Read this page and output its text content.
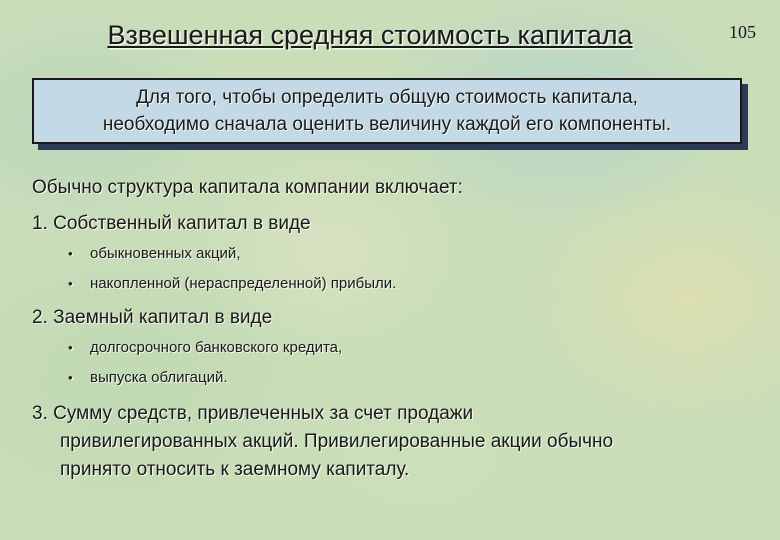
Взвешенная средняя стоимость капитала	105
Для того, чтобы определить общую стоимость капитала,
необходимо сначала оценить величину каждой его компоненты.

Обычно структура капитала компании включает:

1. Собственный капитал в виде

• обыкновенных акций,
• накопленной (нераспределенной) прибыли.

2. Заемный капитал в виде

• долгосрочного банковского кредита,
• выпуска облигаций.

3. Сумму средств, привлеченных за счет продажи
привилегированных акций. Привилегированные акции обычно
принято относить к заемному капиталу.
